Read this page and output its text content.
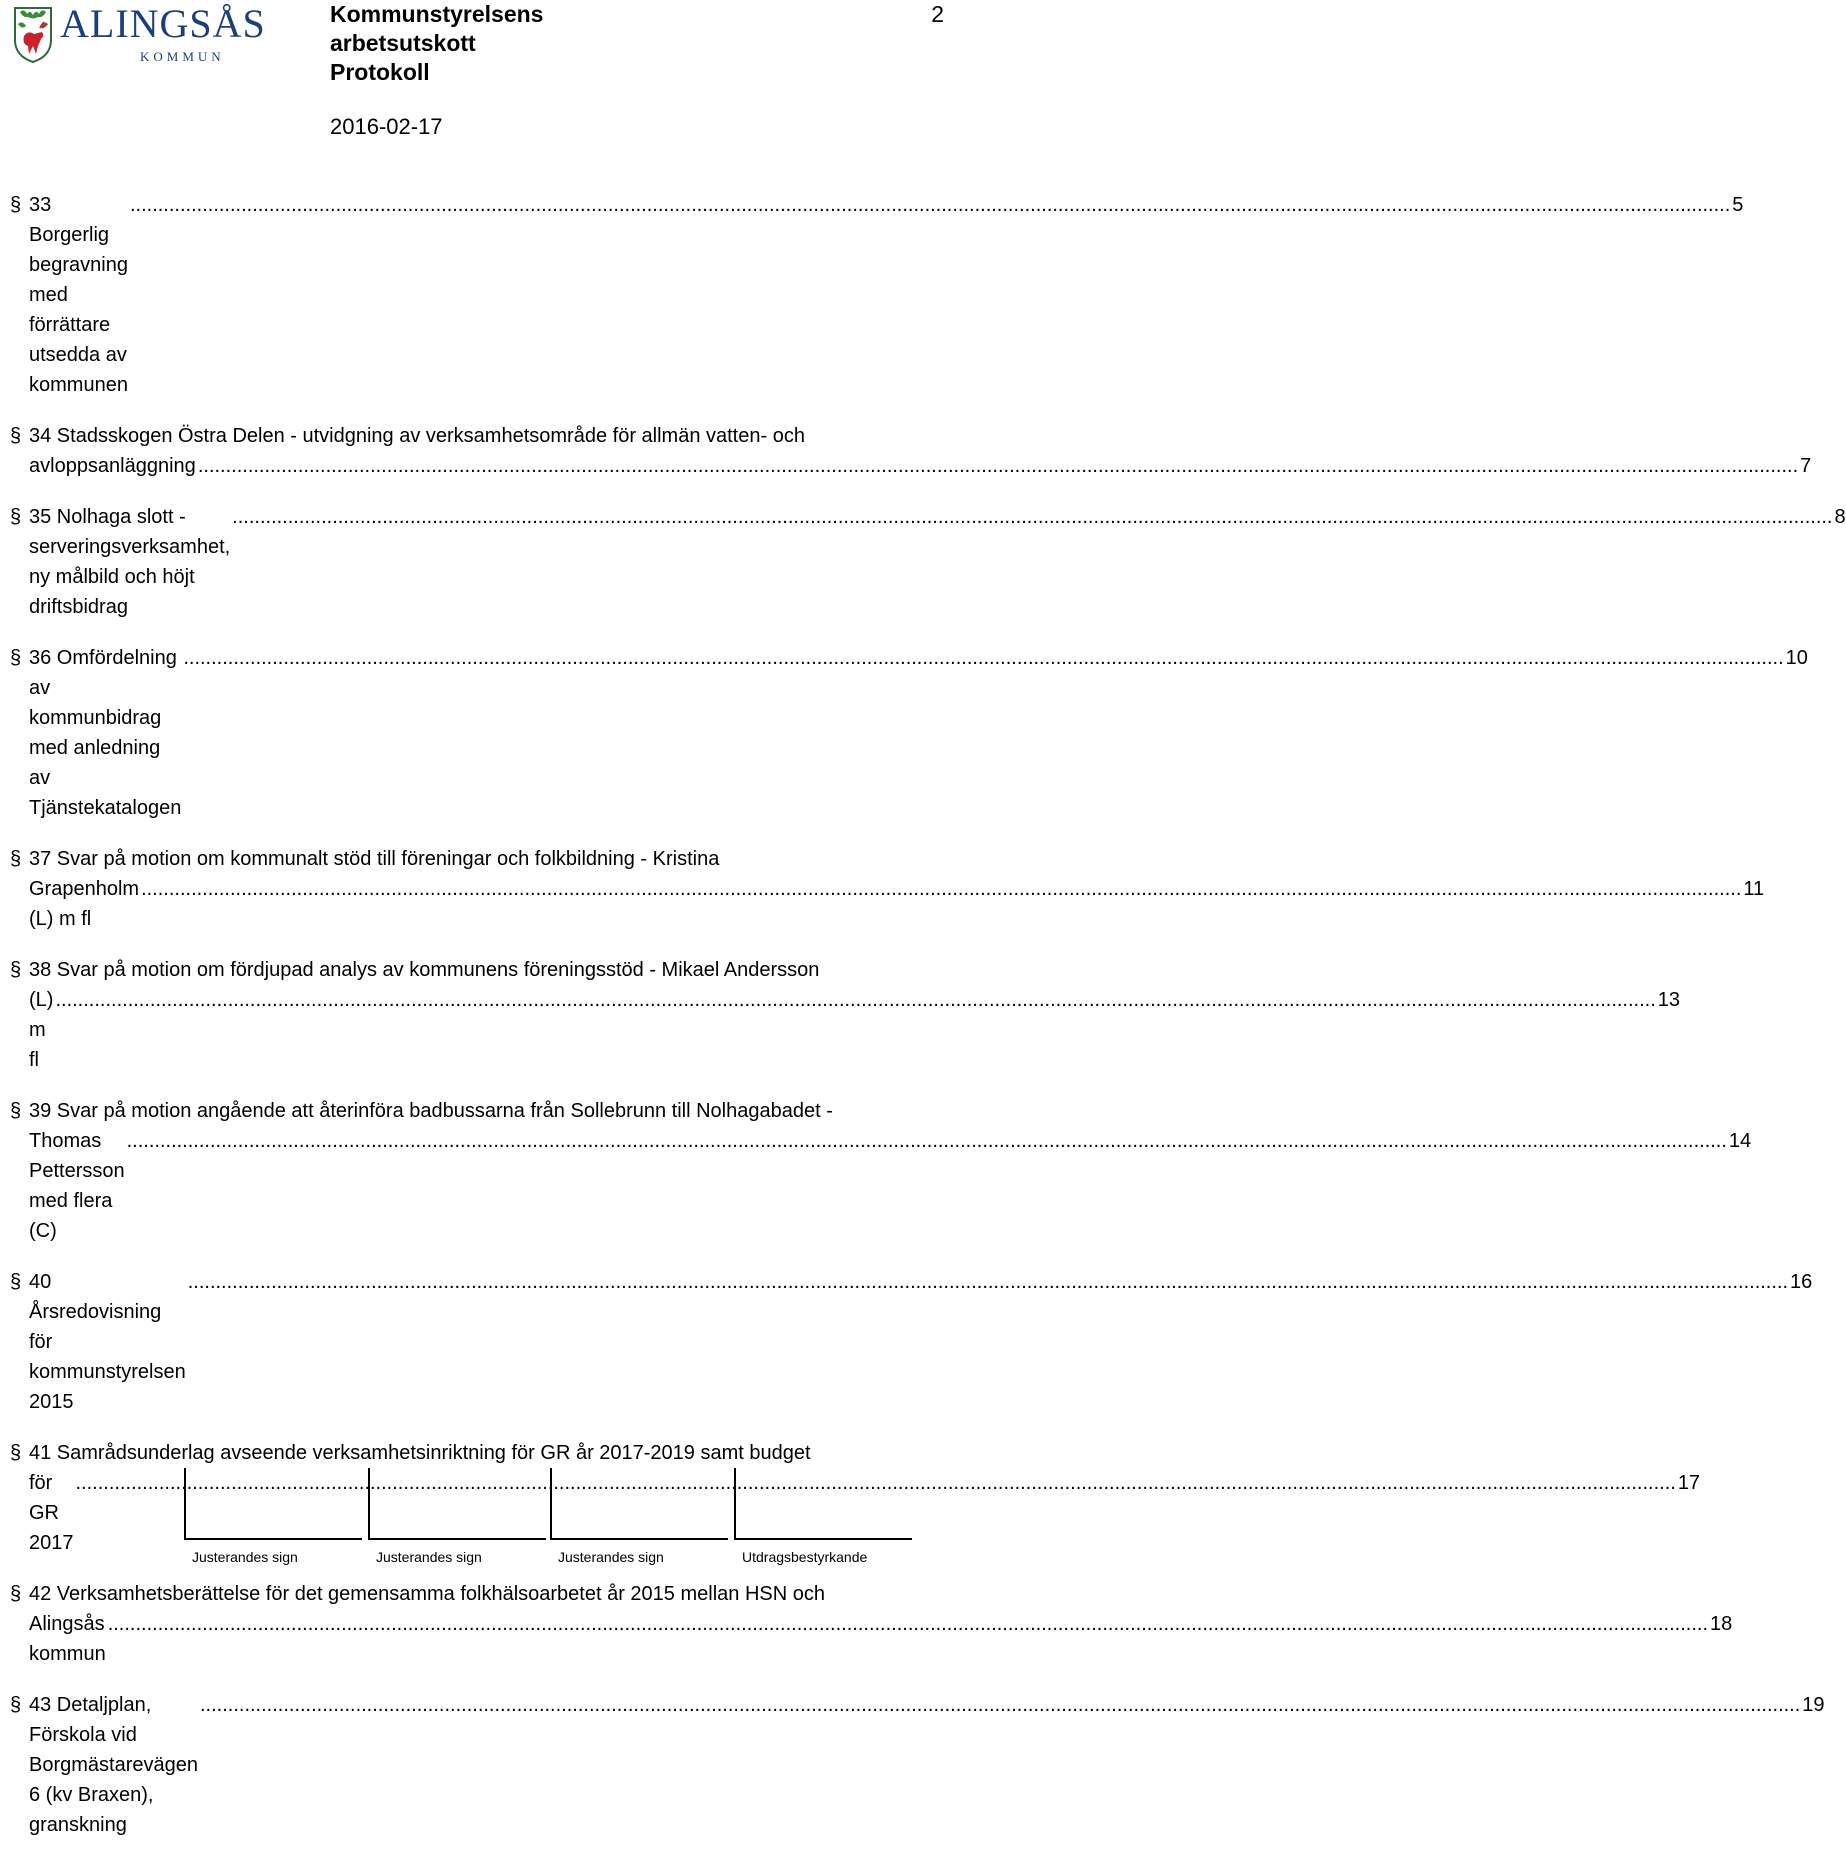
ALINGSÅS
KOMMUN
Kommunstyrelsens
arbetsutskott
Protokoll
2
2016-02-17
§ 33 Borgerlig begravning med förrättare utsedda av kommunen
.....
5
§ 34 Stadsskogen Östra Delen - utvidgning av verksamhetsområde för allmän vatten- och
avloppsanläggning
.....	7
§ 35 Nolhaga slott - serveringsverksamhet, ny målbild och höjt driftsbidrag
.....
8
§ 36 Omfördelning av kommunbidrag med anledning av Tjänstekatalogen
.....
10
§ 37 Svar på motion om kommunalt stöd till föreningar och folkbildning - Kristina
Grapenholm (L) m fl
.....
11
§ 38 Svar på motion om fördjupad analys av kommunens föreningsstöd - Mikael Andersson
(L) m fl
.....
13
§ 39 Svar på motion angående att återinföra badbussarna från Sollebrunn till Nolhagabadet -
Thomas Pettersson med flera (C)
.....
14
§ 40 Årsredovisning för kommunstyrelsen 2015
.....
16
§ 41 Samrådsunderlag avseende verksamhetsinriktning för GR år 2017-2019 samt budget
för GR 2017
.....
17
§ 42 Verksamhetsberättelse för det gemensamma folkhälsoarbetet år 2015 mellan HSN och
Alingsås kommun
.....
18
§ 43 Detaljplan, Förskola vid Borgmästarevägen 6 (kv Braxen), granskning
.....
19
Justerandes sign	Justerandes sign	Justerandes sign	Utdragsbestyrkande
